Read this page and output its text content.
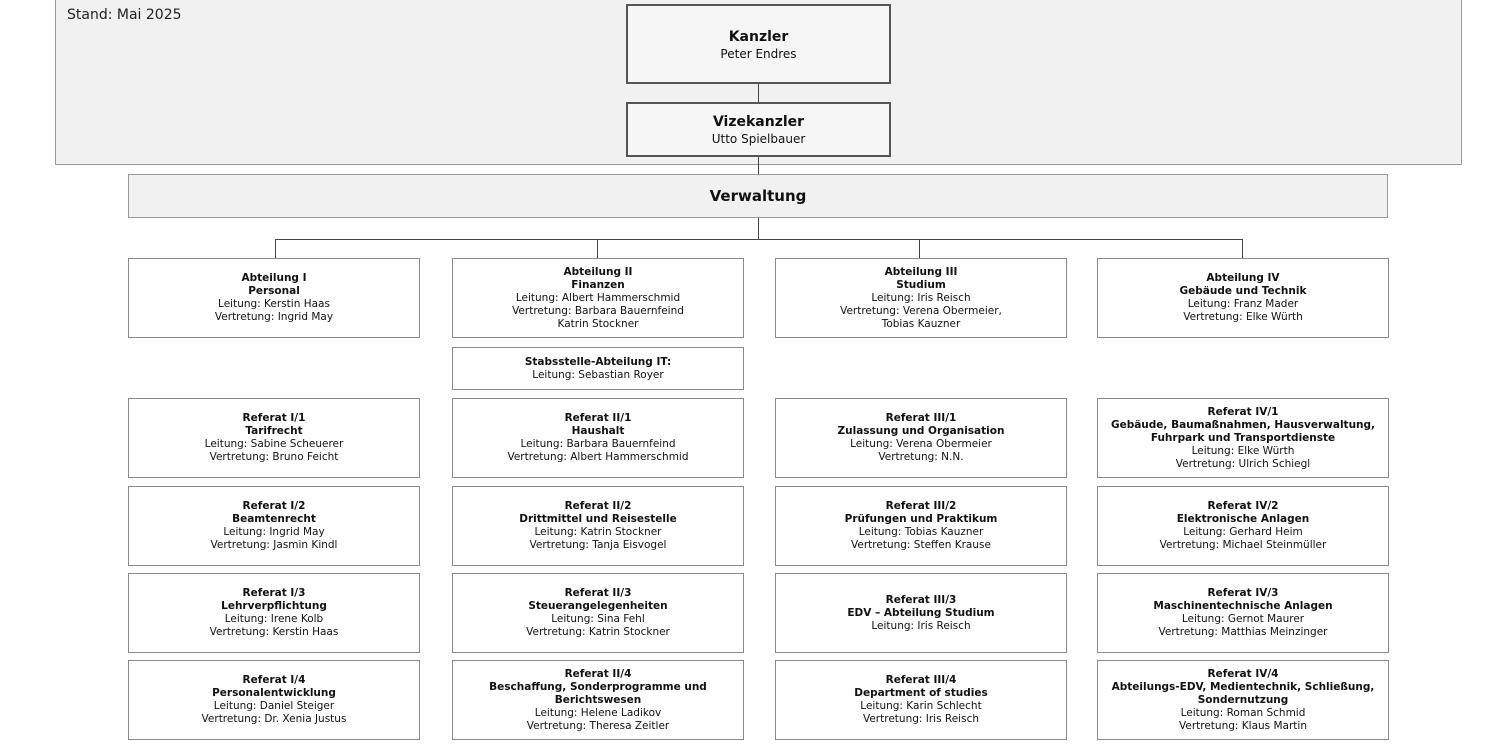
Stand: Mai 2025
Kanzler
Peter Endres
Vizekanzler
Utto Spielbauer
Verwaltung
Abteilung I
Personal
Leitung: Kerstin Haas
Vertretung: Ingrid May
Referat I/1
Tarifrecht
Leitung: Sabine Scheuerer
Vertretung: Bruno Feicht
Referat I/2
Beamtenrecht
Leitung: Ingrid May
Vertretung: Jasmin Kindl
Referat I/3
Lehrverpflichtung
Leitung: Irene Kolb
Vertretung: Kerstin Haas
Referat I/4
Personalentwicklung
Leitung: Daniel Steiger
Vertretung: Dr. Xenia Justus
Abteilung II
Finanzen
Leitung: Albert Hammerschmid
Vertretung: Barbara Bauernfeind
Katrin Stockner
Stabsstelle-Abteilung IT:
Leitung: Sebastian Royer
Referat II/1
Haushalt
Leitung: Barbara Bauernfeind
Vertretung: Albert Hammerschmid
Referat II/2
Drittmittel und Reisestelle
Leitung: Katrin Stockner
Vertretung: Tanja Eisvogel
Referat II/3
Steuerangelegenheiten
Leitung: Sina Fehl
Vertretung: Katrin Stockner
Referat II/4
Beschaffung, Sonderprogramme und Berichtswesen
Leitung: Helene Ladikov
Vertretung: Theresa Zeitler
Abteilung III
Studium
Leitung: Iris Reisch
Vertretung: Verena Obermeier,
Tobias Kauzner
Referat III/1
Zulassung und Organisation
Leitung: Verena Obermeier
Vertretung: N.N.
Referat III/2
Prüfungen und Praktikum
Leitung: Tobias Kauzner
Vertretung: Steffen Krause
Referat III/3
EDV – Abteilung Studium
Leitung: Iris Reisch
Referat III/4
Department of studies
Leitung: Karin Schlecht
Vertretung: Iris Reisch
Abteilung IV
Gebäude und Technik
Leitung: Franz Mader
Vertretung: Elke Würth
Referat IV/1
Gebäude, Baumaßnahmen, Hausverwaltung, Fuhrpark und Transportdienste
Leitung: Elke Würth
Vertretung: Ulrich Schiegl
Referat IV/2
Elektronische Anlagen
Leitung: Gerhard Heim
Vertretung: Michael Steinmüller
Referat IV/3
Maschinentechnische Anlagen
Leitung: Gernot Maurer
Vertretung: Matthias Meinzinger
Referat IV/4
Abteilungs-EDV, Medientechnik, Schließung, Sondernutzung
Leitung: Roman Schmid
Vertretung: Klaus Martin
